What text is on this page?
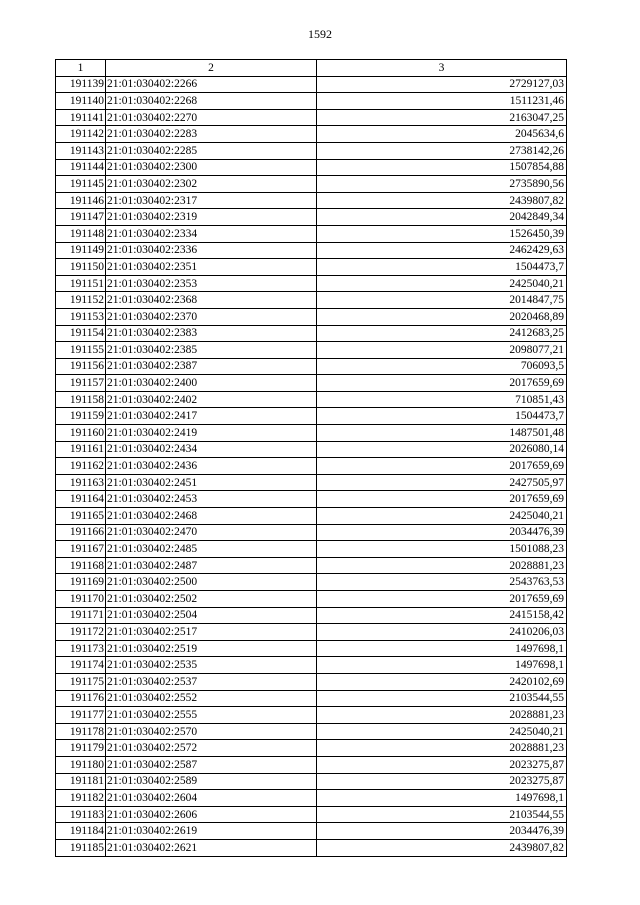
1592
1	2	3
191139	21:01:030402:2266	2729127,03
191140	21:01:030402:2268	1511231,46
191141	21:01:030402:2270	2163047,25
191142	21:01:030402:2283	2045634,6
191143	21:01:030402:2285	2738142,26
191144	21:01:030402:2300	1507854,88
191145	21:01:030402:2302	2735890,56
191146	21:01:030402:2317	2439807,82
191147	21:01:030402:2319	2042849,34
191148	21:01:030402:2334	1526450,39
191149	21:01:030402:2336	2462429,63
191150	21:01:030402:2351	1504473,7
191151	21:01:030402:2353	2425040,21
191152	21:01:030402:2368	2014847,75
191153	21:01:030402:2370	2020468,89
191154	21:01:030402:2383	2412683,25
191155	21:01:030402:2385	2098077,21
191156	21:01:030402:2387	706093,5
191157	21:01:030402:2400	2017659,69
191158	21:01:030402:2402	710851,43
191159	21:01:030402:2417	1504473,7
191160	21:01:030402:2419	1487501,48
191161	21:01:030402:2434	2026080,14
191162	21:01:030402:2436	2017659,69
191163	21:01:030402:2451	2427505,97
191164	21:01:030402:2453	2017659,69
191165	21:01:030402:2468	2425040,21
191166	21:01:030402:2470	2034476,39
191167	21:01:030402:2485	1501088,23
191168	21:01:030402:2487	2028881,23
191169	21:01:030402:2500	2543763,53
191170	21:01:030402:2502	2017659,69
191171	21:01:030402:2504	2415158,42
191172	21:01:030402:2517	2410206,03
191173	21:01:030402:2519	1497698,1
191174	21:01:030402:2535	1497698,1
191175	21:01:030402:2537	2420102,69
191176	21:01:030402:2552	2103544,55
191177	21:01:030402:2555	2028881,23
191178	21:01:030402:2570	2425040,21
191179	21:01:030402:2572	2028881,23
191180	21:01:030402:2587	2023275,87
191181	21:01:030402:2589	2023275,87
191182	21:01:030402:2604	1497698,1
191183	21:01:030402:2606	2103544,55
191184	21:01:030402:2619	2034476,39
191185	21:01:030402:2621	2439807,82
